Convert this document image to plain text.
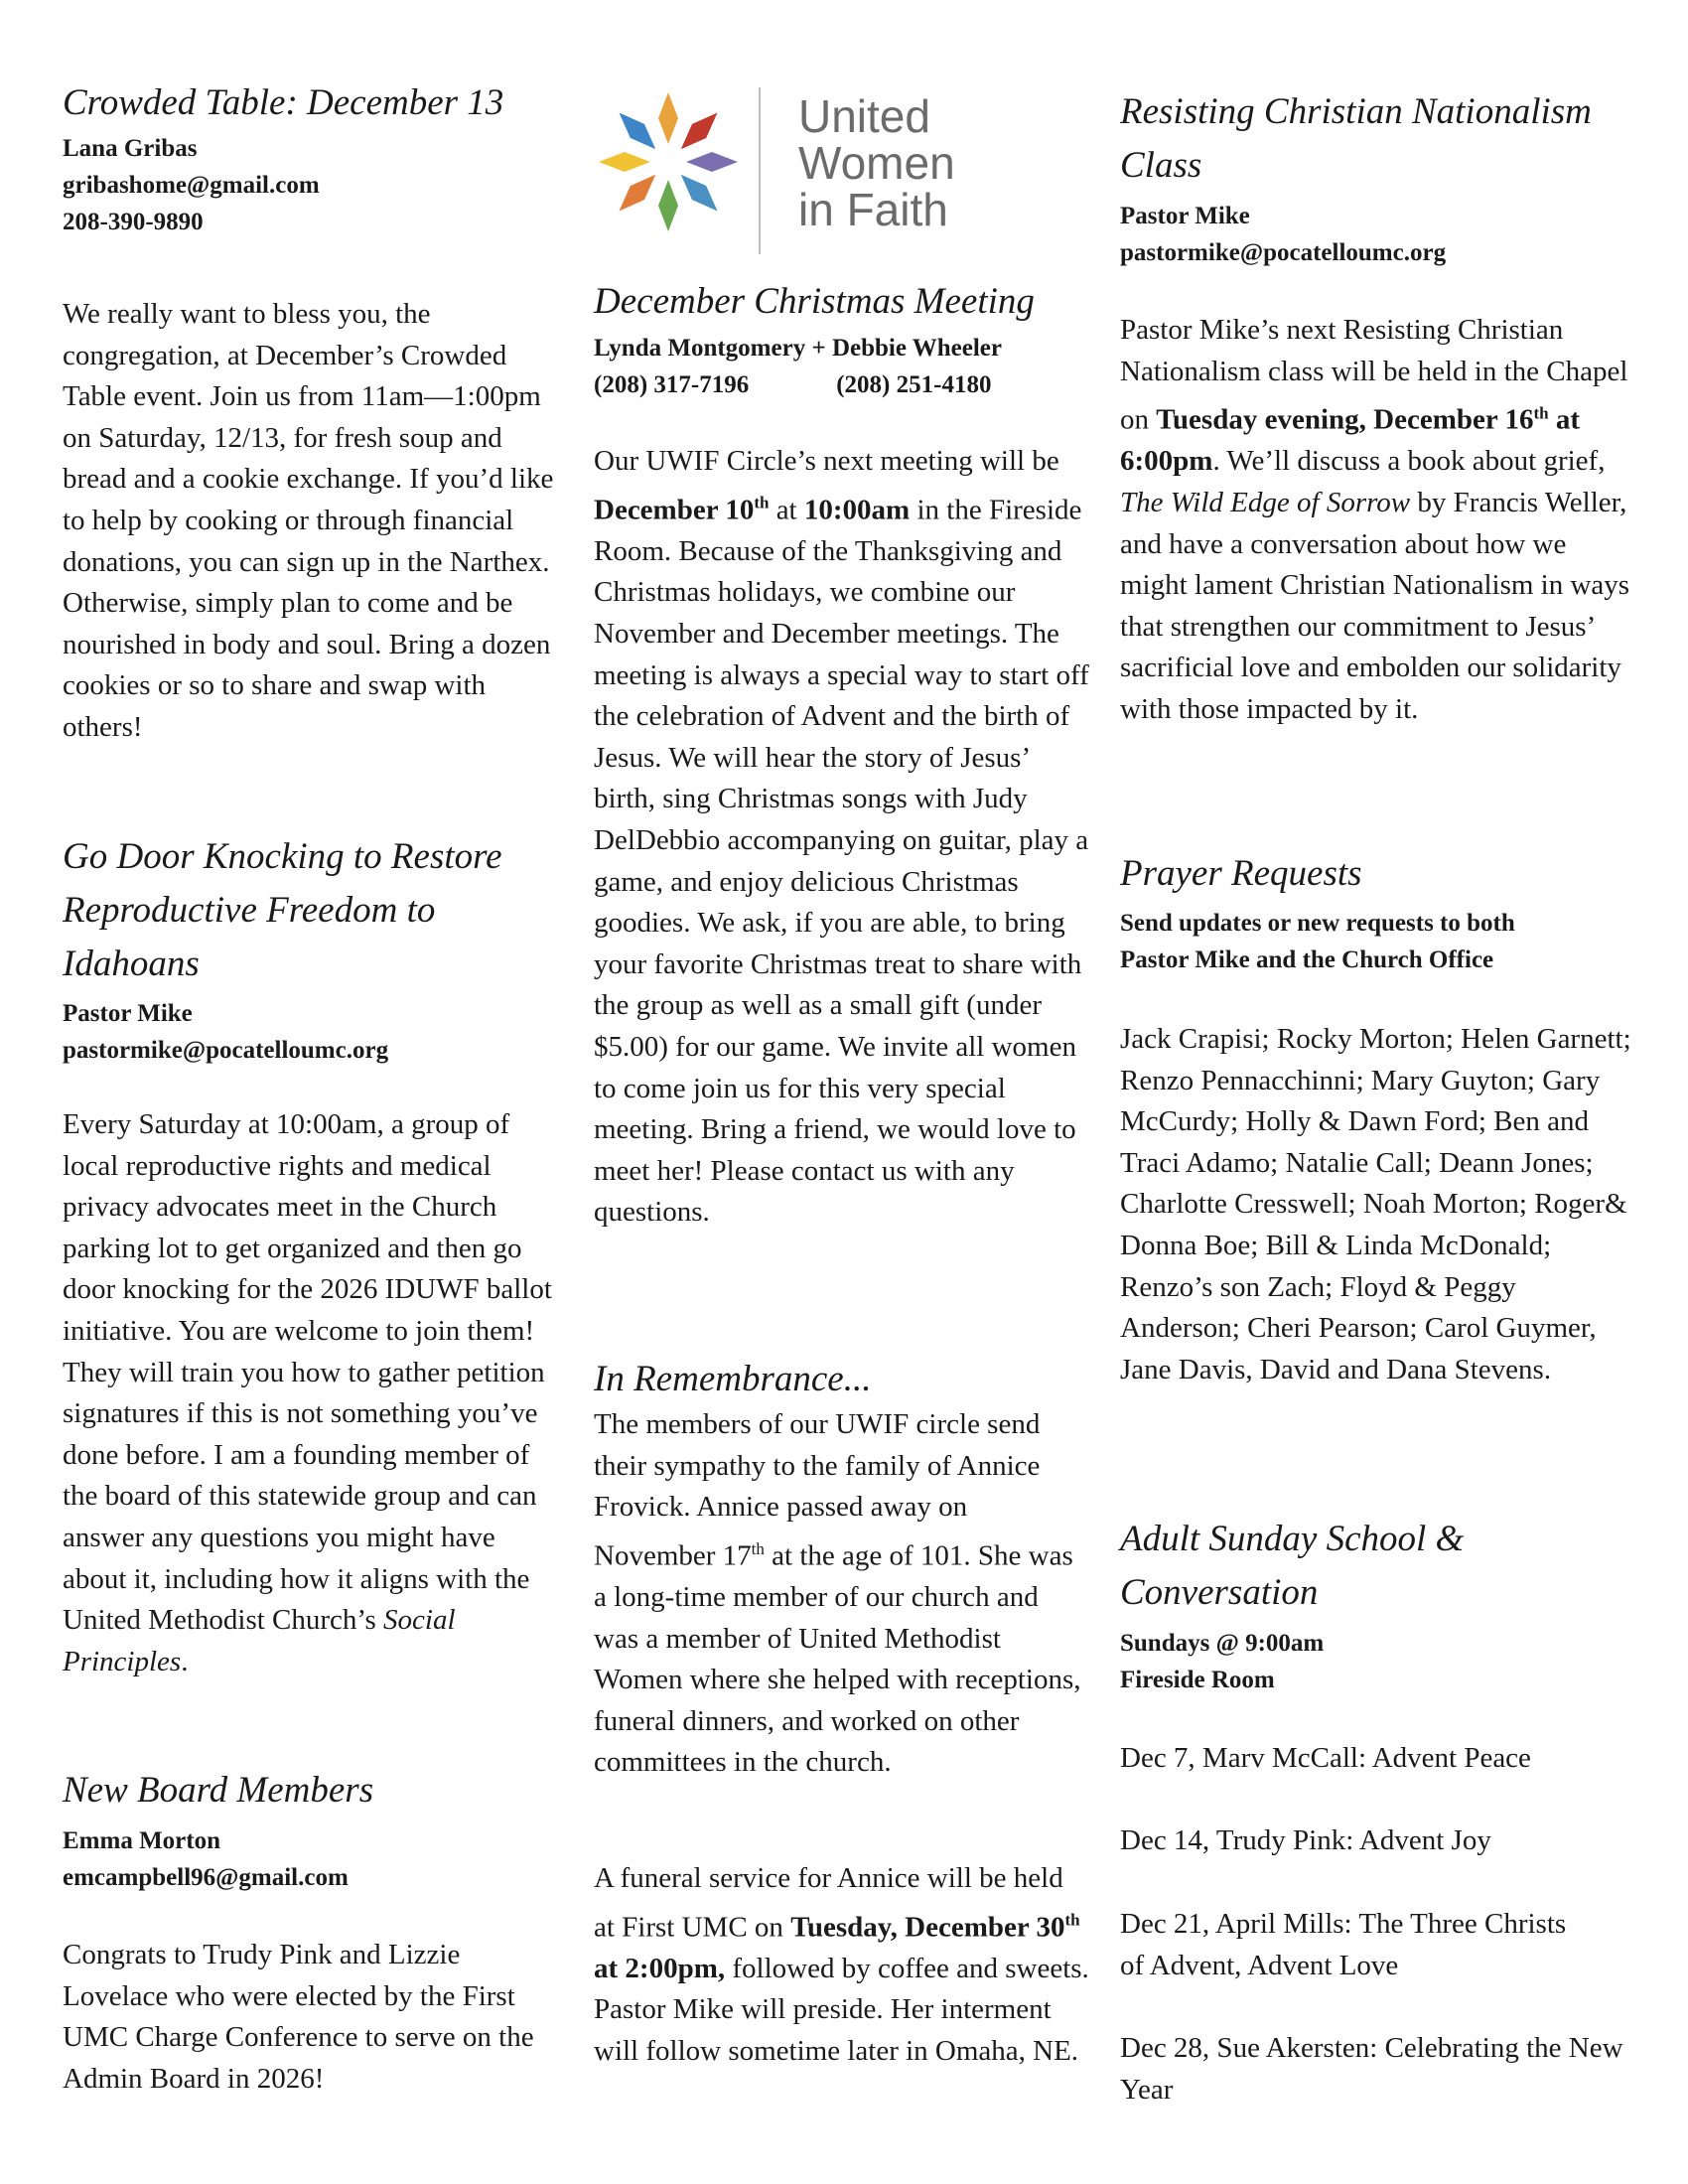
Crowded Table: December 13
Lana Gribas
gribashome@gmail.com
208-390-9890

We really want to bless you, the congregation, at December’s Crowded Table event. Join us from 11am—1:00pm on Saturday, 12/13, for fresh soup and bread and a cookie exchange. If you’d like to help by cooking or through financial donations, you can sign up in the Narthex. Otherwise, simply plan to come and be nourished in body and soul. Bring a dozen cookies or so to share and swap with others!

Go Door Knocking to Restore Reproductive Freedom to Idahoans
Pastor Mike
pastormike@pocatelloumc.org

Every Saturday at 10:00am, a group of local reproductive rights and medical privacy advocates meet in the Church parking lot to get organized and then go door knocking for the 2026 IDUWF ballot initiative. You are welcome to join them! They will train you how to gather petition signatures if this is not something you’ve done before. I am a founding member of the board of this statewide group and can answer any questions you might have about it, including how it aligns with the United Methodist Church’s Social Principles.

New Board Members
Emma Morton
emcampbell96@gmail.com

Congrats to Trudy Pink and Lizzie Lovelace who were elected by the First UMC Charge Conference to serve on the Admin Board in 2026!

United
Women
in Faith
December Christmas Meeting
Lynda Montgomery + Debbie Wheeler
(208) 317-7196	(208) 251-4180

Our UWIF Circle’s next meeting will be December 10th at 10:00am in the Fireside Room. Because of the Thanksgiving and Christmas holidays, we combine our November and December meetings. The meeting is always a special way to start off the celebration of Advent and the birth of Jesus. We will hear the story of Jesus’ birth, sing Christmas songs with Judy DelDebbio accompanying on guitar, play a game, and enjoy delicious Christmas goodies. We ask, if you are able, to bring your favorite Christmas treat to share with the group as well as a small gift (under $5.00) for our game. We invite all women to come join us for this very special meeting. Bring a friend, we would love to meet her! Please contact us with any questions.

In Remembrance...

The members of our UWIF circle send their sympathy to the family of Annice Frovick. Annice passed away on November 17th at the age of 101. She was a long-time member of our church and was a member of United Methodist Women where she helped with receptions, funeral dinners, and worked on other committees in the church.

A funeral service for Annice will be held at First UMC on Tuesday, December 30th at 2:00pm, followed by coffee and sweets. Pastor Mike will preside. Her interment will follow sometime later in Omaha, NE.

Resisting Christian Nationalism Class
Pastor Mike
pastormike@pocatelloumc.org

Pastor Mike’s next Resisting Christian Nationalism class will be held in the Chapel on Tuesday evening, December 16th at 6:00pm. We’ll discuss a book about grief, The Wild Edge of Sorrow by Francis Weller, and have a conversation about how we might lament Christian Nationalism in ways that strengthen our commitment to Jesus’ sacrificial love and embolden our solidarity with those impacted by it.

Prayer Requests
Send updates or new requests to both Pastor Mike and the Church Office

Jack Crapisi; Rocky Morton; Helen Garnett; Renzo Pennacchinni; Mary Guyton; Gary McCurdy; Holly & Dawn Ford; Ben and Traci Adamo; Natalie Call; Deann Jones; Charlotte Cresswell; Noah Morton; Roger& Donna Boe; Bill & Linda McDonald; Renzo’s son Zach; Floyd & Peggy Anderson; Cheri Pearson; Carol Guymer, Jane Davis, David and Dana Stevens.

Adult Sunday School & Conversation
Sundays @ 9:00am
Fireside Room

Dec 7, Marv McCall: Advent Peace

Dec 14, Trudy Pink: Advent Joy

Dec 21, April Mills: The Three Christs of Advent, Advent Love

Dec 28, Sue Akersten: Celebrating the New Year
